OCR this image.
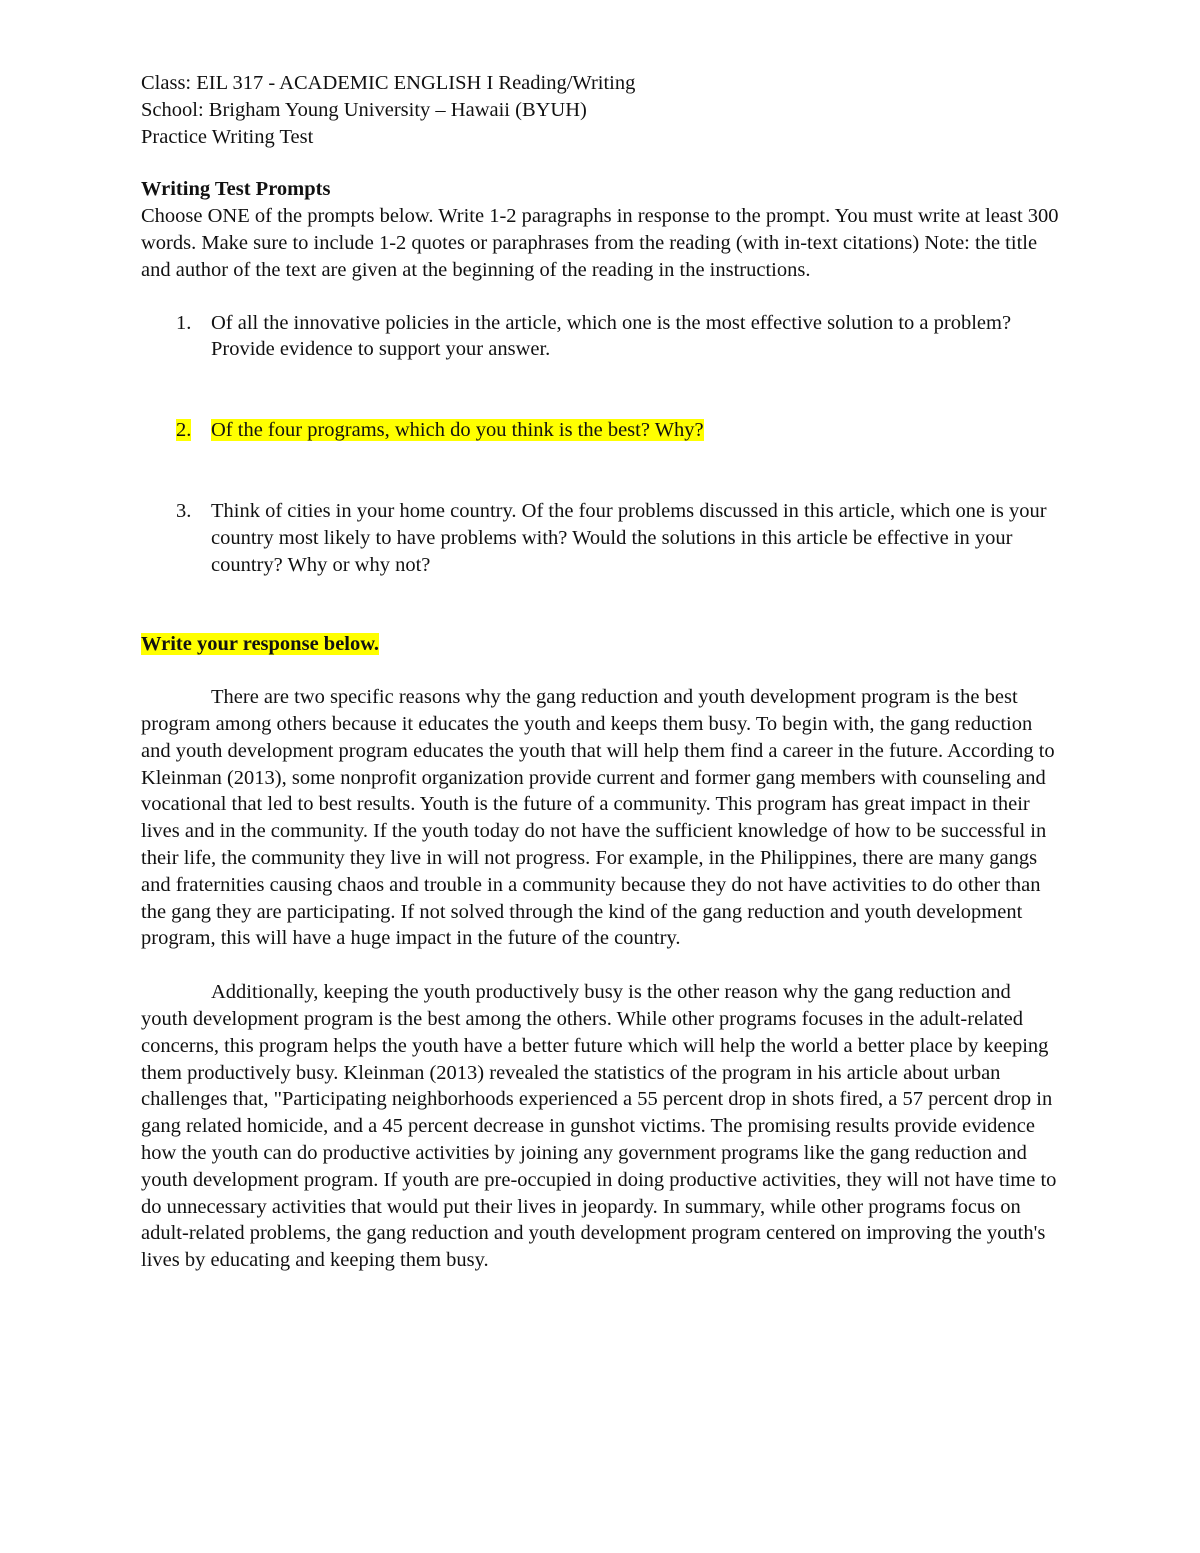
Class: EIL 317 - ACADEMIC ENGLISH I Reading/Writing

School: Brigham Young University – Hawaii (BYUH)

Practice Writing Test

Writing Test Prompts

Choose ONE of the prompts below. Write 1-2 paragraphs in response to the prompt. You must write at least 300 words. Make sure to include 1-2 quotes or paraphrases from the reading (with in-text citations) Note: the title and author of the text are given at the beginning of the reading in the instructions.

1. Of all the innovative policies in the article, which one is the most effective solution to a problem? Provide evidence to support your answer.
2. Of the four programs, which do you think is the best? Why?
3. Think of cities in your home country. Of the four problems discussed in this article, which one is your country most likely to have problems with? Would the solutions in this article be effective in your country? Why or why not?

Write your response below.

There are two specific reasons why the gang reduction and youth development program is the best program among others because it educates the youth and keeps them busy. To begin with, the gang reduction and youth development program educates the youth that will help them find a career in the future. According to Kleinman (2013), some nonprofit organization provide current and former gang members with counseling and vocational that led to best results. Youth is the future of a community. This program has great impact in their lives and in the community. If the youth today do not have the sufficient knowledge of how to be successful in their life, the community they live in will not progress. For example, in the Philippines, there are many gangs and fraternities causing chaos and trouble in a community because they do not have activities to do other than the gang they are participating. If not solved through the kind of the gang reduction and youth development program, this will have a huge impact in the future of the country.

Additionally, keeping the youth productively busy is the other reason why the gang reduction and youth development program is the best among the others. While other programs focuses in the adult-related concerns, this program helps the youth have a better future which will help the world a better place by keeping them productively busy. Kleinman (2013) revealed the statistics of the program in his article about urban challenges that, "Participating neighborhoods experienced a 55 percent drop in shots fired, a 57 percent drop in gang related homicide, and a 45 percent decrease in gunshot victims. The promising results provide evidence how the youth can do productive activities by joining any government programs like the gang reduction and youth development program. If youth are pre-occupied in doing productive activities, they will not have time to do unnecessary activities that would put their lives in jeopardy. In summary, while other programs focus on adult-related problems, the gang reduction and youth development program centered on improving the youth's lives by educating and keeping them busy.
